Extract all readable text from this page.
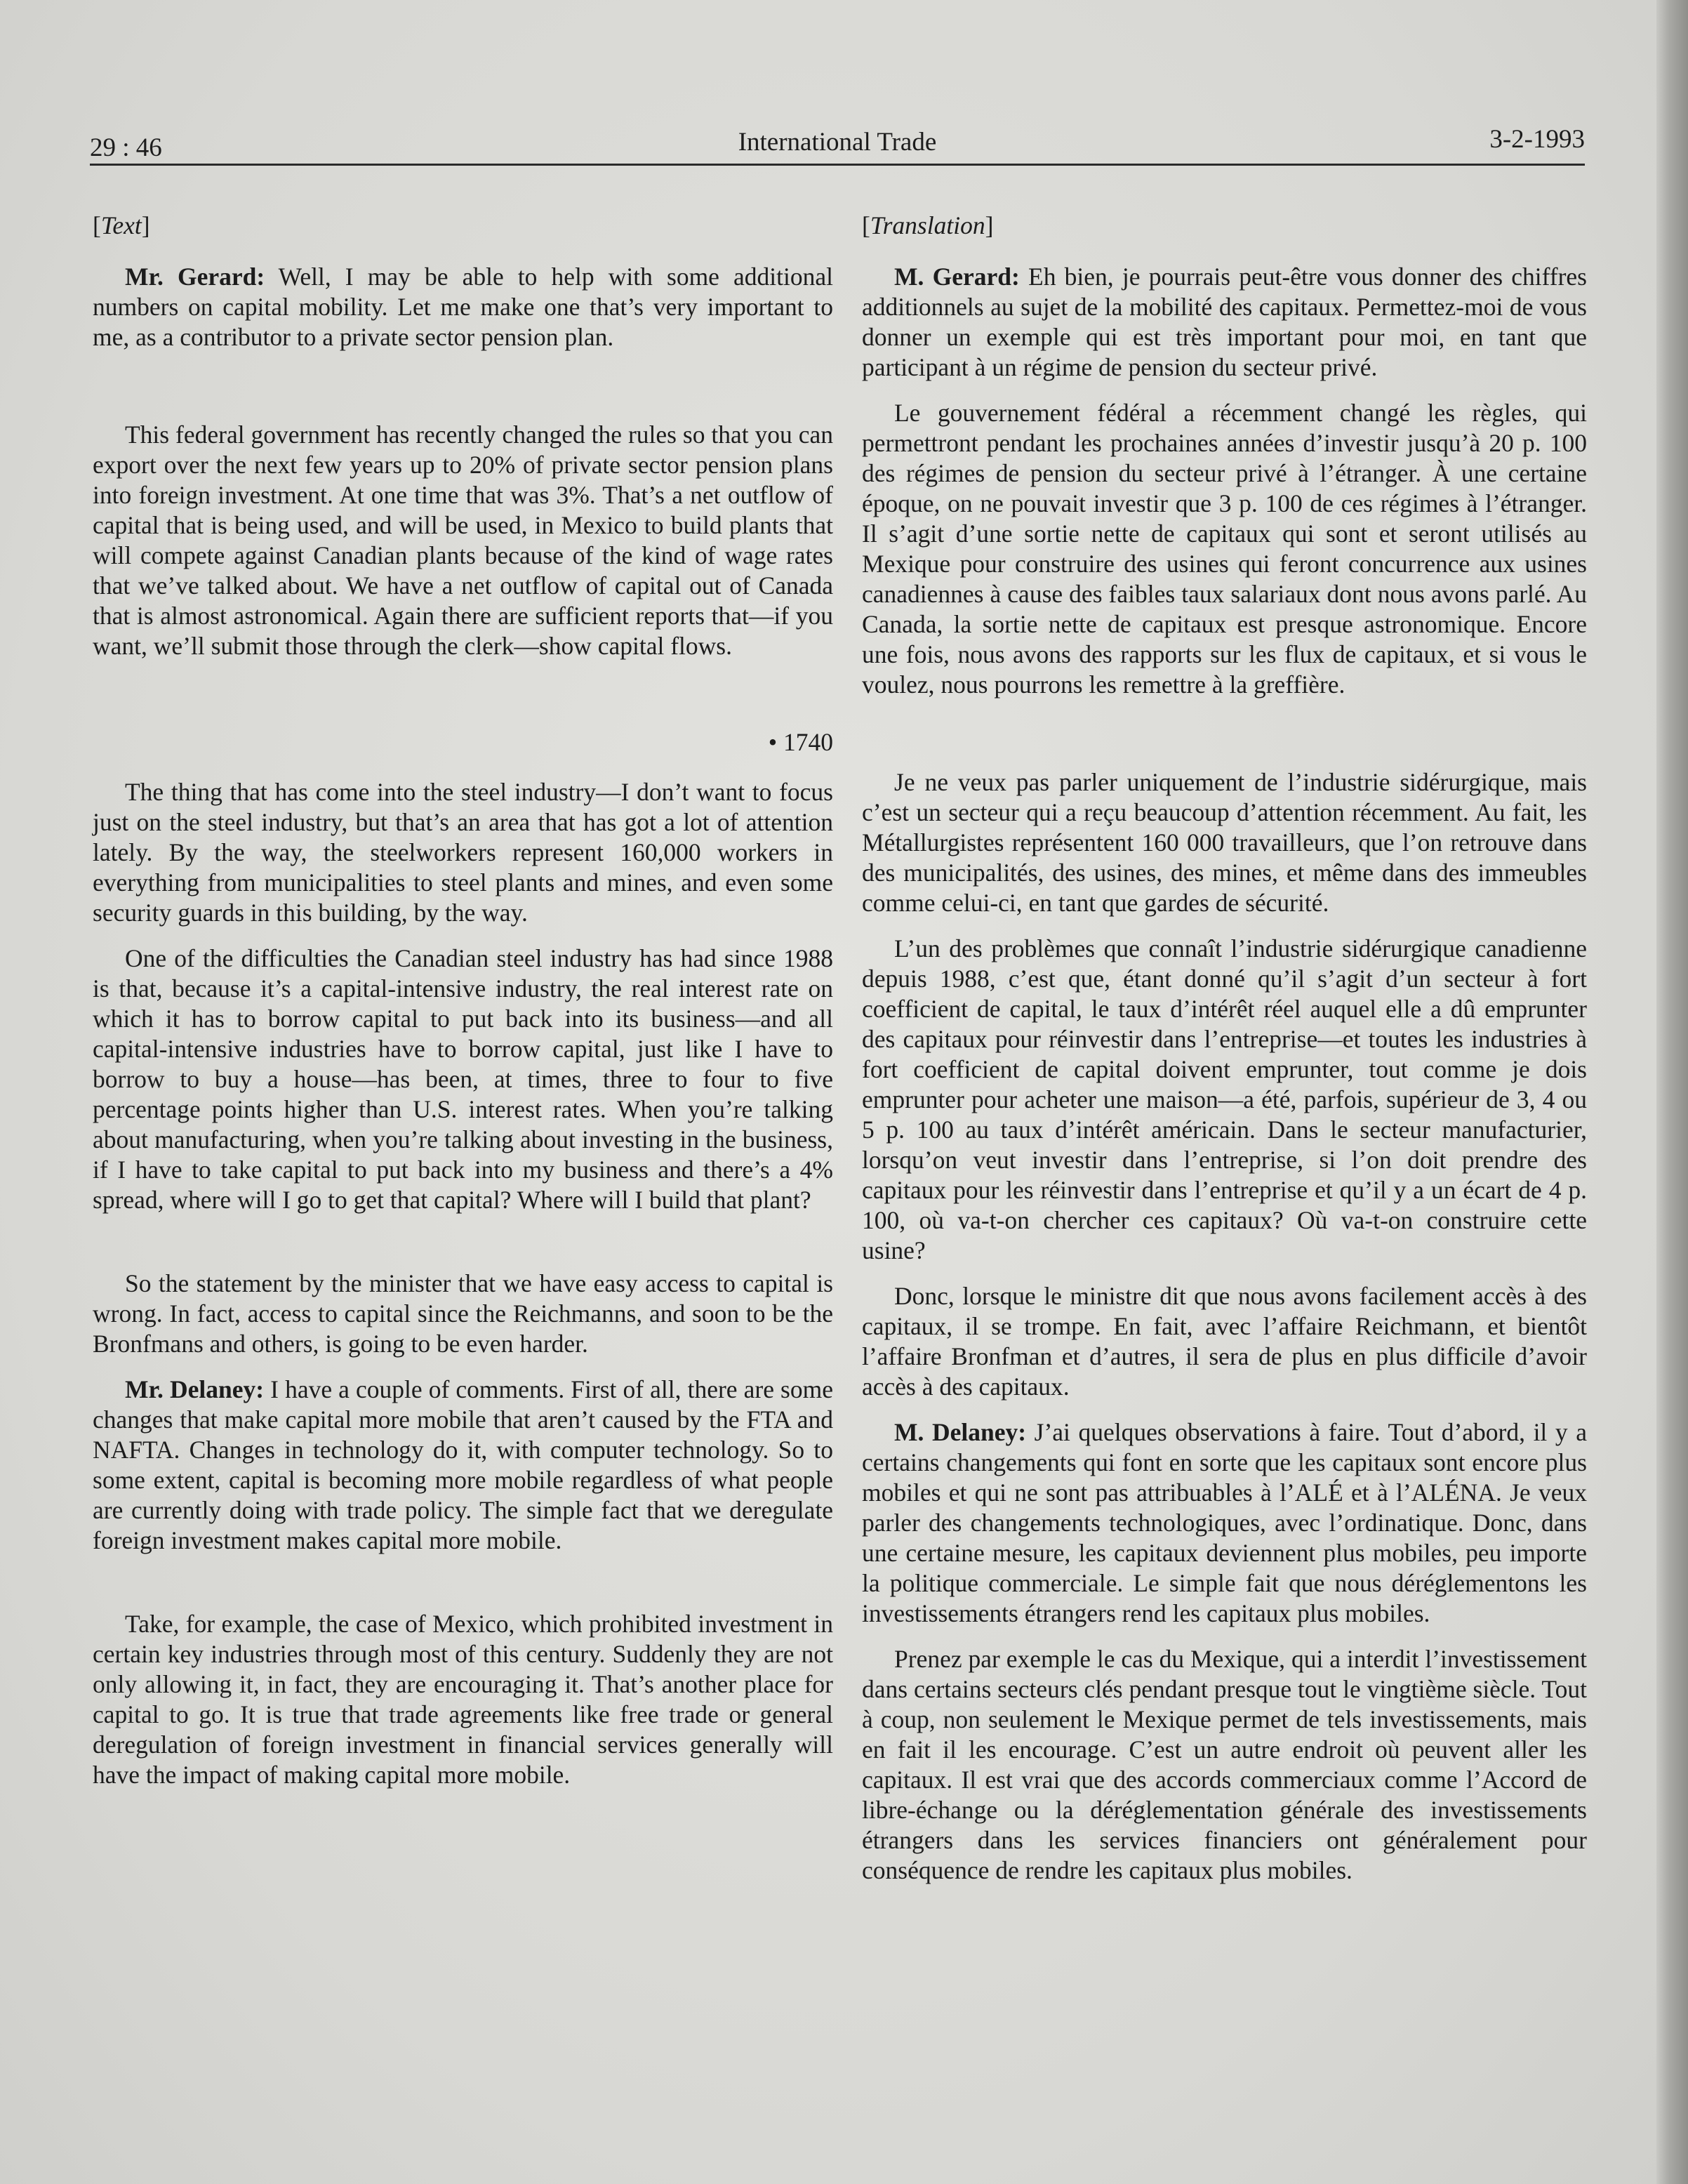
29 : 46	International Trade	3-2-1993

[Text]

Mr. Gerard: Well, I may be able to help with some additional numbers on capital mobility. Let me make one that’s very important to me, as a contributor to a private sector pension plan.

This federal government has recently changed the rules so that you can export over the next few years up to 20% of private sector pension plans into foreign investment. At one time that was 3%. That’s a net outflow of capital that is being used, and will be used, in Mexico to build plants that will compete against Canadian plants because of the kind of wage rates that we’ve talked about. We have a net outflow of capital out of Canada that is almost astronomical. Again there are sufficient reports that—if you want, we’ll submit those through the clerk—show capital flows.

• 1740

The thing that has come into the steel industry—I don’t want to focus just on the steel industry, but that’s an area that has got a lot of attention lately. By the way, the steelworkers represent 160,000 workers in everything from municipalities to steel plants and mines, and even some security guards in this building, by the way.

One of the difficulties the Canadian steel industry has had since 1988 is that, because it’s a capital-intensive industry, the real interest rate on which it has to borrow capital to put back into its business—and all capital-intensive industries have to borrow capital, just like I have to borrow to buy a house—has been, at times, three to four to five percentage points higher than U.S. interest rates. When you’re talking about manufacturing, when you’re talking about investing in the business, if I have to take capital to put back into my business and there’s a 4% spread, where will I go to get that capital? Where will I build that plant?

So the statement by the minister that we have easy access to capital is wrong. In fact, access to capital since the Reichmanns, and soon to be the Bronfmans and others, is going to be even harder.

Mr. Delaney: I have a couple of comments. First of all, there are some changes that make capital more mobile that aren’t caused by the FTA and NAFTA. Changes in technology do it, with computer technology. So to some extent, capital is becoming more mobile regardless of what people are currently doing with trade policy. The simple fact that we deregulate foreign investment makes capital more mobile.

Take, for example, the case of Mexico, which prohibited investment in certain key industries through most of this century. Suddenly they are not only allowing it, in fact, they are encouraging it. That’s another place for capital to go. It is true that trade agreements like free trade or general deregulation of foreign investment in financial services generally will have the impact of making capital more mobile.

[Translation]

M. Gerard: Eh bien, je pourrais peut-être vous donner des chiffres additionnels au sujet de la mobilité des capitaux. Permettez-moi de vous donner un exemple qui est très important pour moi, en tant que participant à un régime de pension du secteur privé.

Le gouvernement fédéral a récemment changé les règles, qui permettront pendant les prochaines années d’investir jusqu’à 20 p. 100 des régimes de pension du secteur privé à l’étranger. À une certaine époque, on ne pouvait investir que 3 p. 100 de ces régimes à l’étranger. Il s’agit d’une sortie nette de capitaux qui sont et seront utilisés au Mexique pour construire des usines qui feront concurrence aux usines canadiennes à cause des faibles taux salariaux dont nous avons parlé. Au Canada, la sortie nette de capitaux est presque astronomique. Encore une fois, nous avons des rapports sur les flux de capitaux, et si vous le voulez, nous pourrons les remettre à la greffière.

Je ne veux pas parler uniquement de l’industrie sidérurgique, mais c’est un secteur qui a reçu beaucoup d’attention récemment. Au fait, les Métallurgistes représentent 160 000 travailleurs, que l’on retrouve dans des municipalités, des usines, des mines, et même dans des immeubles comme celui-ci, en tant que gardes de sécurité.

L’un des problèmes que connaît l’industrie sidérurgique canadienne depuis 1988, c’est que, étant donné qu’il s’agit d’un secteur à fort coefficient de capital, le taux d’intérêt réel auquel elle a dû emprunter des capitaux pour réinvestir dans l’entreprise—et toutes les industries à fort coefficient de capital doivent emprunter, tout comme je dois emprunter pour acheter une maison—a été, parfois, supérieur de 3, 4 ou 5 p. 100 au taux d’intérêt américain. Dans le secteur manufacturier, lorsqu’on veut investir dans l’entreprise, si l’on doit prendre des capitaux pour les réinvestir dans l’entreprise et qu’il y a un écart de 4 p. 100, où va-t-on chercher ces capitaux? Où va-t-on construire cette usine?

Donc, lorsque le ministre dit que nous avons facilement accès à des capitaux, il se trompe. En fait, avec l’affaire Reichmann, et bientôt l’affaire Bronfman et d’autres, il sera de plus en plus difficile d’avoir accès à des capitaux.

M. Delaney: J’ai quelques observations à faire. Tout d’abord, il y a certains changements qui font en sorte que les capitaux sont encore plus mobiles et qui ne sont pas attribuables à l’ALÉ et à l’ALÉNA. Je veux parler des changements technologiques, avec l’ordinatique. Donc, dans une certaine mesure, les capitaux deviennent plus mobiles, peu importe la politique commerciale. Le simple fait que nous déréglementons les investissements étrangers rend les capitaux plus mobiles.

Prenez par exemple le cas du Mexique, qui a interdit l’investissement dans certains secteurs clés pendant presque tout le vingtième siècle. Tout à coup, non seulement le Mexique permet de tels investissements, mais en fait il les encourage. C’est un autre endroit où peuvent aller les capitaux. Il est vrai que des accords commerciaux comme l’Accord de libre-échange ou la déréglementation générale des investissements étrangers dans les services financiers ont généralement pour conséquence de rendre les capitaux plus mobiles.
